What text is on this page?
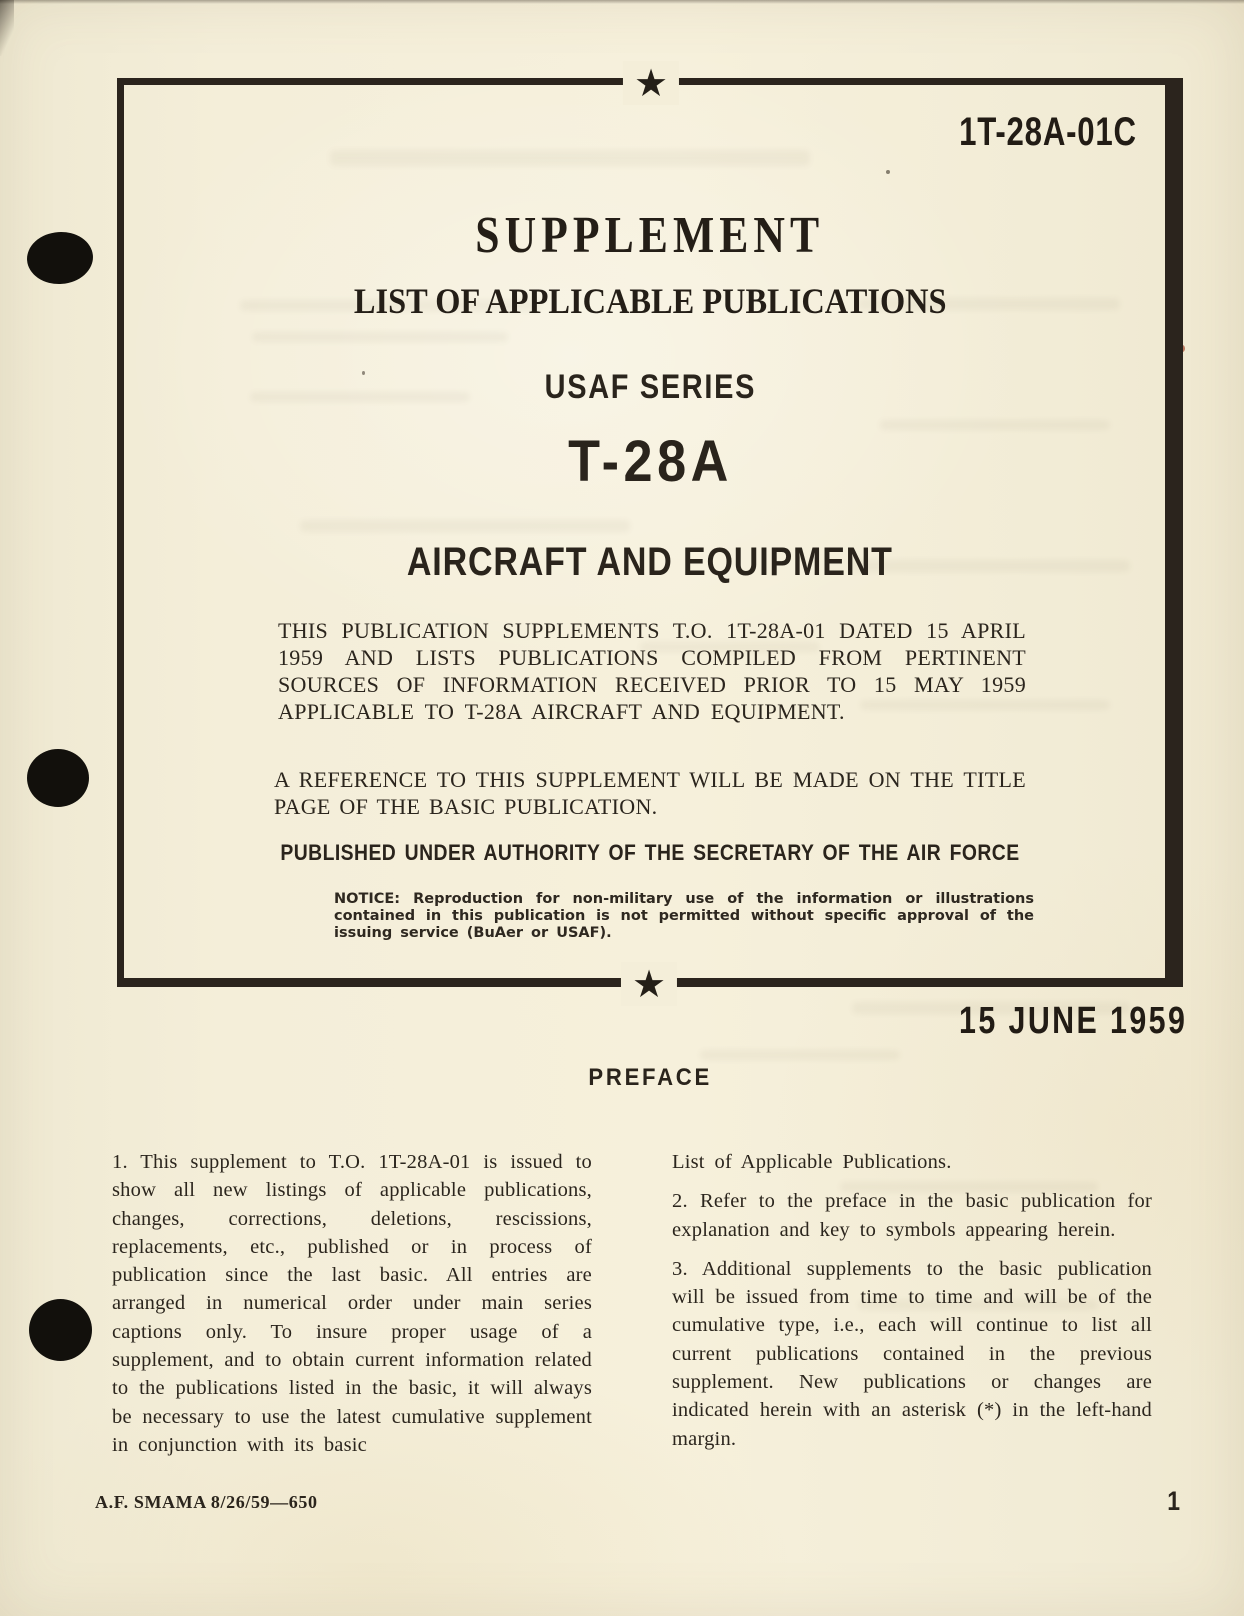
★
★
1T-28A-01C
SUPPLEMENT
LIST OF APPLICABLE PUBLICATIONS
USAF SERIES
T-28A
AIRCRAFT AND EQUIPMENT
THIS PUBLICATION SUPPLEMENTS T.O. 1T-28A-01 DATED 15 APRIL 1959 AND LISTS PUBLICATIONS COMPILED FROM PERTINENT SOURCES OF INFORMATION RECEIVED PRIOR TO 15 MAY 1959 APPLICABLE TO T-28A AIRCRAFT AND EQUIPMENT.
A REFERENCE TO THIS SUPPLEMENT WILL BE MADE ON THE TITLE PAGE OF THE BASIC PUBLICATION.
PUBLISHED UNDER AUTHORITY OF THE SECRETARY OF THE AIR FORCE
NOTICE: Reproduction for non-military use of the information or illustrations contained in this publication is not permitted without specific approval of the issuing service (BuAer or USAF).
15 JUNE 1959
PREFACE

1. This supplement to T.O. 1T-28A-01 is issued to show all new listings of applicable publications, changes, corrections, deletions, rescissions, replacements, etc., published or in process of publication since the last basic. All entries are arranged in numerical order under main series captions only. To insure proper usage of a supplement, and to obtain current information related to the publications listed in the basic, it will always be necessary to use the latest cumulative supplement in conjunction with its basic

List of Applicable Publications.

2. Refer to the preface in the basic publication for explanation and key to symbols appearing herein.

3. Additional supplements to the basic publication will be issued from time to time and will be of the cumulative type, i.e., each will continue to list all current publications contained in the previous supplement. New publications or changes are indicated herein with an asterisk (*) in the left-hand margin.

A.F. SMAMA 8/26/59—650	1
